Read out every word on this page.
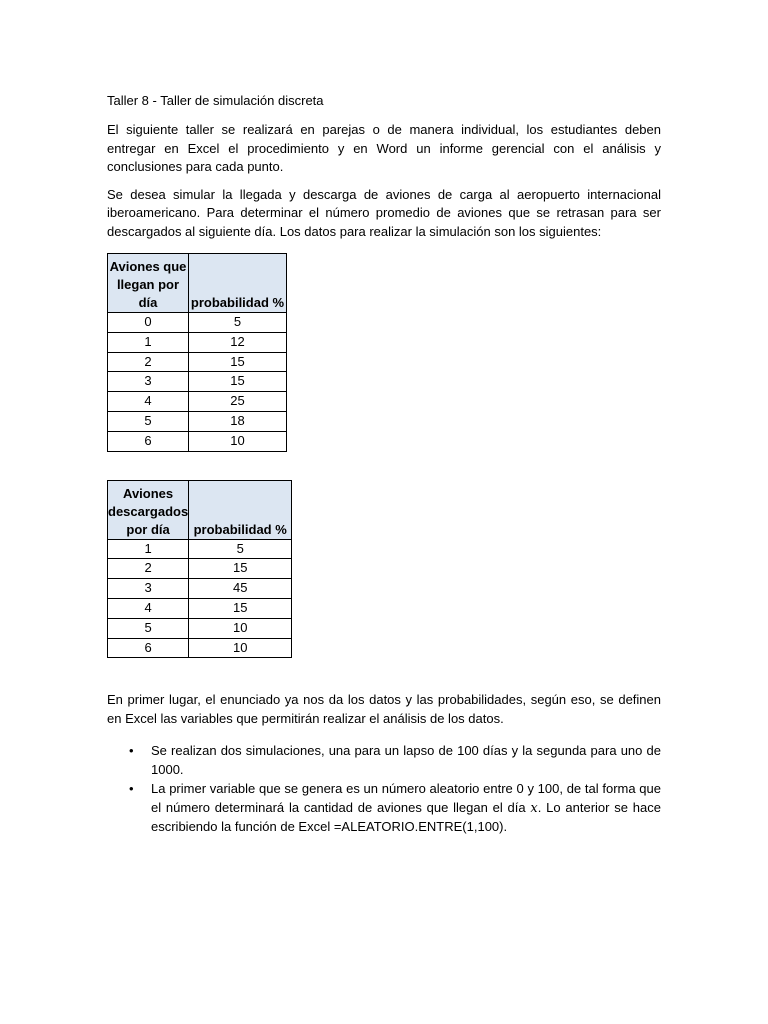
Taller 8 - Taller de simulación discreta

El siguiente taller se realizará en parejas o de manera individual, los estudiantes deben entregar en Excel el procedimiento y en Word un informe gerencial con el análisis y conclusiones para cada punto.

Se desea simular la llegada y descarga de aviones de carga al aeropuerto internacional iberoamericano. Para determinar el número promedio de aviones que se retrasan para ser descargados al siguiente día. Los datos para realizar la simulación son los siguientes:

Aviones que llegan por día	probabilidad %
0	5
1	12
2	15
3	15
4	25
5	18
6	10
Aviones descargados por día	probabilidad %
1	5
2	15
3	45
4	15
5	10
6	10

En primer lugar, el enunciado ya nos da los datos y las probabilidades, según eso, se definen en Excel las variables que permitirán realizar el análisis de los datos.

• Se realizan dos simulaciones, una para un lapso de 100 días y la segunda para uno de 1000.
• La primer variable que se genera es un número aleatorio entre 0 y 100, de tal forma que el número determinará la cantidad de aviones que llegan el día x. Lo anterior se hace escribiendo la función de Excel =ALEATORIO.ENTRE(1,100).
